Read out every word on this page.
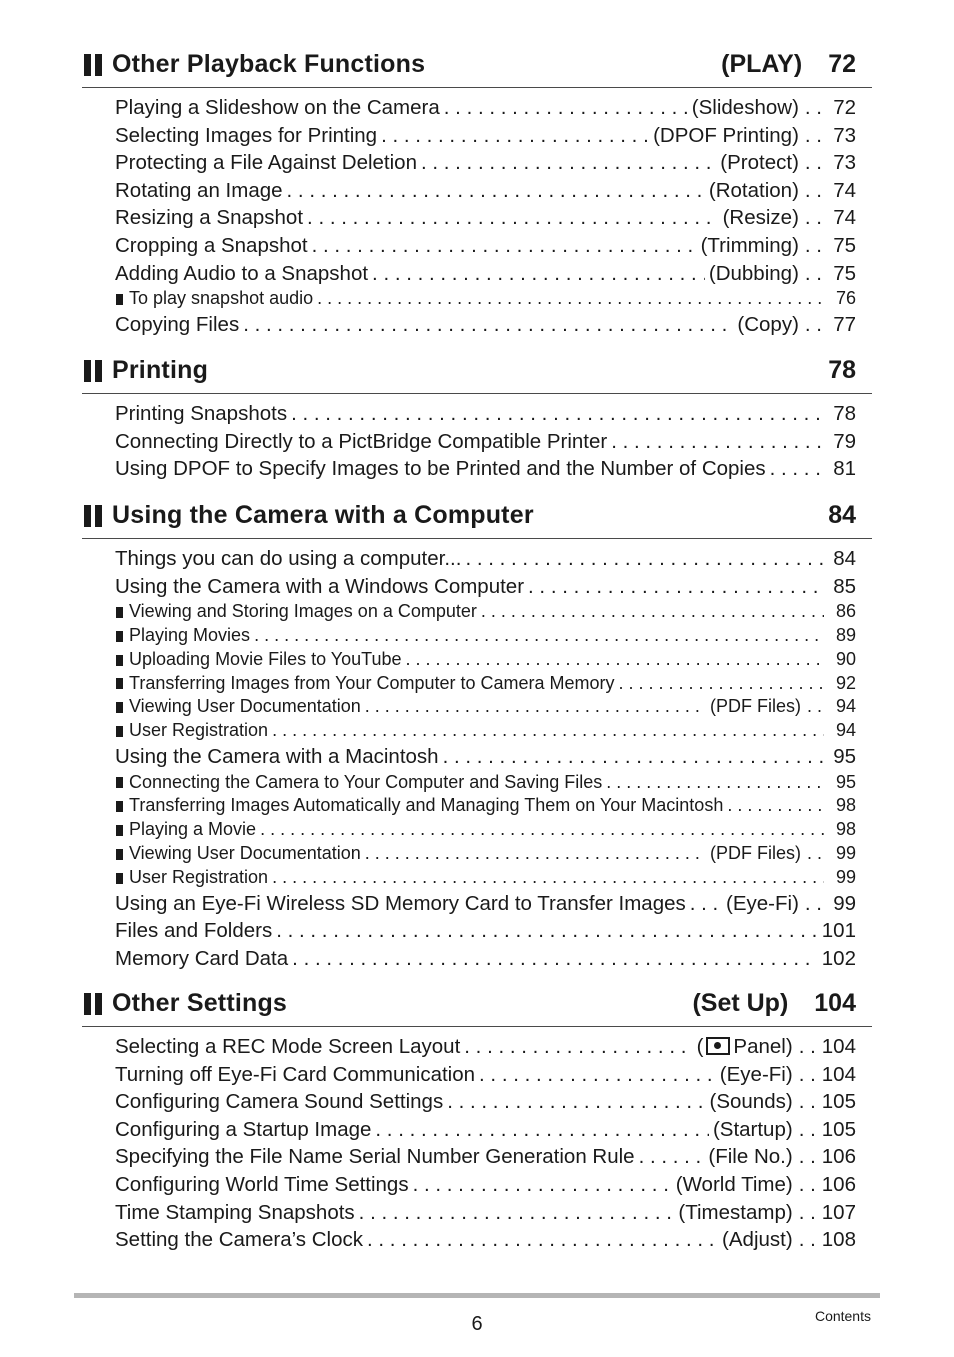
Other Playback Functions	(PLAY) 72
Playing a Slideshow on the Camera . . .	(Slideshow) . . 72
Selecting Images for Printing . . .	(DPOF Printing) . . 73
Protecting a File Against Deletion . . .	(Protect) . . 73
Rotating an Image . . .	(Rotation) . . 74
Resizing a Snapshot . . .	(Resize) . . 74
Cropping a Snapshot . . .	(Trimming) . . 75
Adding Audio to a Snapshot . . .	(Dubbing) . . 75
To play snapshot audio . . .	76
Copying Files . . .	(Copy) . . 77
Printing	78
Printing Snapshots . . .	78
Connecting Directly to a PictBridge Compatible Printer . . .	79
Using DPOF to Specify Images to be Printed and the Number of Copies . . .	81
Using the Camera with a Computer	84
Things you can do using a computer... . . .	84
Using the Camera with a Windows Computer . . .	85
Viewing and Storing Images on a Computer . . .	86
Playing Movies . . .	89
Uploading Movie Files to YouTube . . .	90
Transferring Images from Your Computer to Camera Memory . . .	92
Viewing User Documentation . . .	(PDF Files) . . 94
User Registration . . .	94
Using the Camera with a Macintosh . . .	95
Connecting the Camera to Your Computer and Saving Files . . .	95
Transferring Images Automatically and Managing Them on Your Macintosh . . .	98
Playing a Movie . . .	98
Viewing User Documentation . . .	(PDF Files) . . 99
User Registration . . .	99
Using an Eye-Fi Wireless SD Memory Card to Transfer Images . . . (Eye-Fi) . . 99
Files and Folders . . .	101
Memory Card Data . . .	102
Other Settings	(Set Up) 104
Selecting a REC Mode Screen Layout . . .	( Panel) . . 104
Turning off Eye-Fi Card Communication . . .	(Eye-Fi) . . 104
Configuring Camera Sound Settings . . .	(Sounds) . . 105
Configuring a Startup Image . . .	(Startup) . . 105
Specifying the File Name Serial Number Generation Rule . . .	(File No.) . . 106
Configuring World Time Settings . . .	(World Time) . . 106
Time Stamping Snapshots . . .	(Timestamp) . . 107
Setting the Camera’s Clock . . .	(Adjust) . . 108
6	Contents
